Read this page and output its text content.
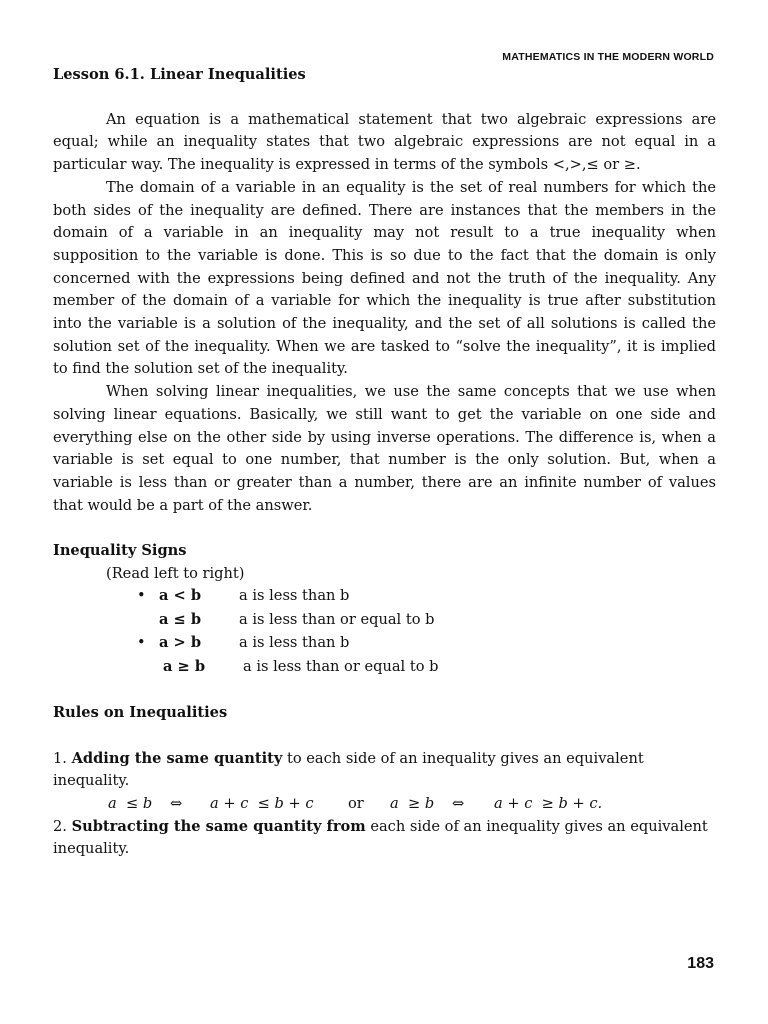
MATHEMATICS IN THE MODERN WORLD

Lesson 6.1. Linear Inequalities

An equation is a mathematical statement that two algebraic expressions are equal; while an inequality states that two algebraic expressions are not equal in a particular way. The inequality is expressed in terms of the symbols <,>,≤ or ≥.

The domain of a variable in an equality is the set of real numbers for which the both sides of the inequality are defined. There are instances that the members in the domain of a variable in an inequality may not result to a true inequality when supposition to the variable is done. This is so due to the fact that the domain is only concerned with the expressions being defined and not the truth of the inequality. Any member of the domain of a variable for which the inequality is true after substitution into the variable is a solution of the inequality, and the set of all solutions is called the solution set of the inequality. When we are tasked to “solve the inequality”, it is implied to find the solution set of the inequality.

When solving linear inequalities, we use the same concepts that we use when solving linear equations. Basically, we still want to get the variable on one side and everything else on the other side by using inverse operations. The difference is, when a variable is set equal to one number, that number is the only solution. But, when a variable is less than or greater than a number, there are an infinite number of values that would be a part of the answer.

Inequality Signs

(Read left to right)
• a < b	a is less than b
a ≤ b	a is less than or equal to b
• a > b	a is less than b
a ≥ b	a is less than or equal to b

Rules on Inequalities

1. Adding the same quantity to each side of an inequality gives an equivalent inequality.

a  ≤ b	⇔	a + c  ≤ b + c	or	a  ≥ b	⇔	a + c  ≥ b + c.

2. Subtracting the same quantity from each side of an inequality gives an equivalent inequality.

183
